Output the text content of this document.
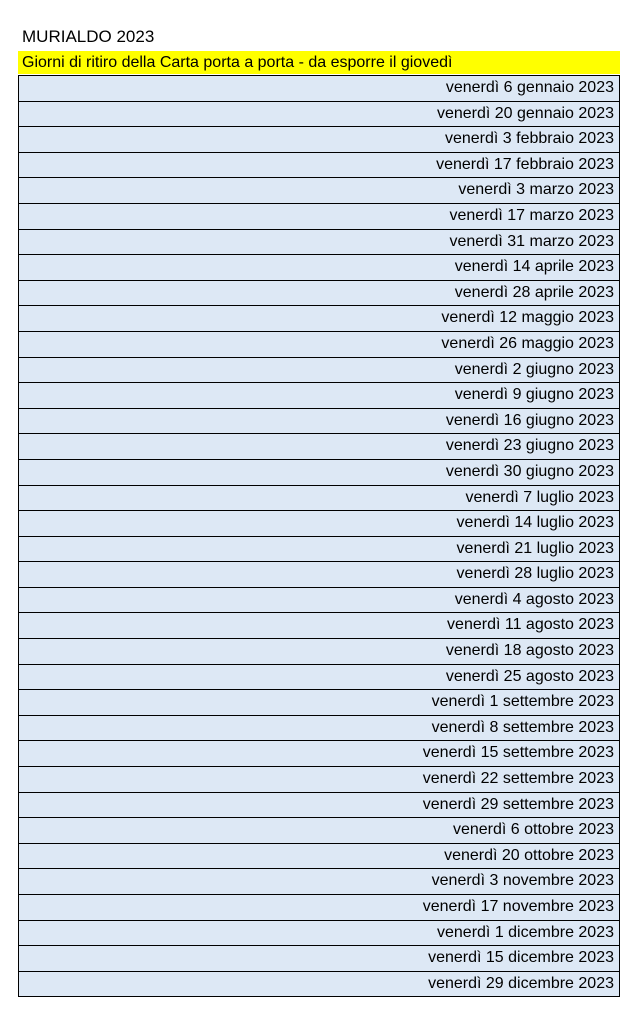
MURIALDO 2023
Giorni di ritiro della Carta porta a porta - da esporre il giovedì
venerdì 6 gennaio 2023
venerdì 20 gennaio 2023
venerdì 3 febbraio 2023
venerdì 17 febbraio 2023
venerdì 3 marzo 2023
venerdì 17 marzo 2023
venerdì 31 marzo 2023
venerdì 14 aprile 2023
venerdì 28 aprile 2023
venerdì 12 maggio 2023
venerdì 26 maggio 2023
venerdì 2 giugno 2023
venerdì 9 giugno 2023
venerdì 16 giugno 2023
venerdì 23 giugno 2023
venerdì 30 giugno 2023
venerdì 7 luglio 2023
venerdì 14 luglio 2023
venerdì 21 luglio 2023
venerdì 28 luglio 2023
venerdì 4 agosto 2023
venerdì 11 agosto 2023
venerdì 18 agosto 2023
venerdì 25 agosto 2023
venerdì 1 settembre 2023
venerdì 8 settembre 2023
venerdì 15 settembre 2023
venerdì 22 settembre 2023
venerdì 29 settembre 2023
venerdì 6 ottobre 2023
venerdì 20 ottobre 2023
venerdì 3 novembre 2023
venerdì 17 novembre 2023
venerdì 1 dicembre 2023
venerdì 15 dicembre 2023
venerdì 29 dicembre 2023
